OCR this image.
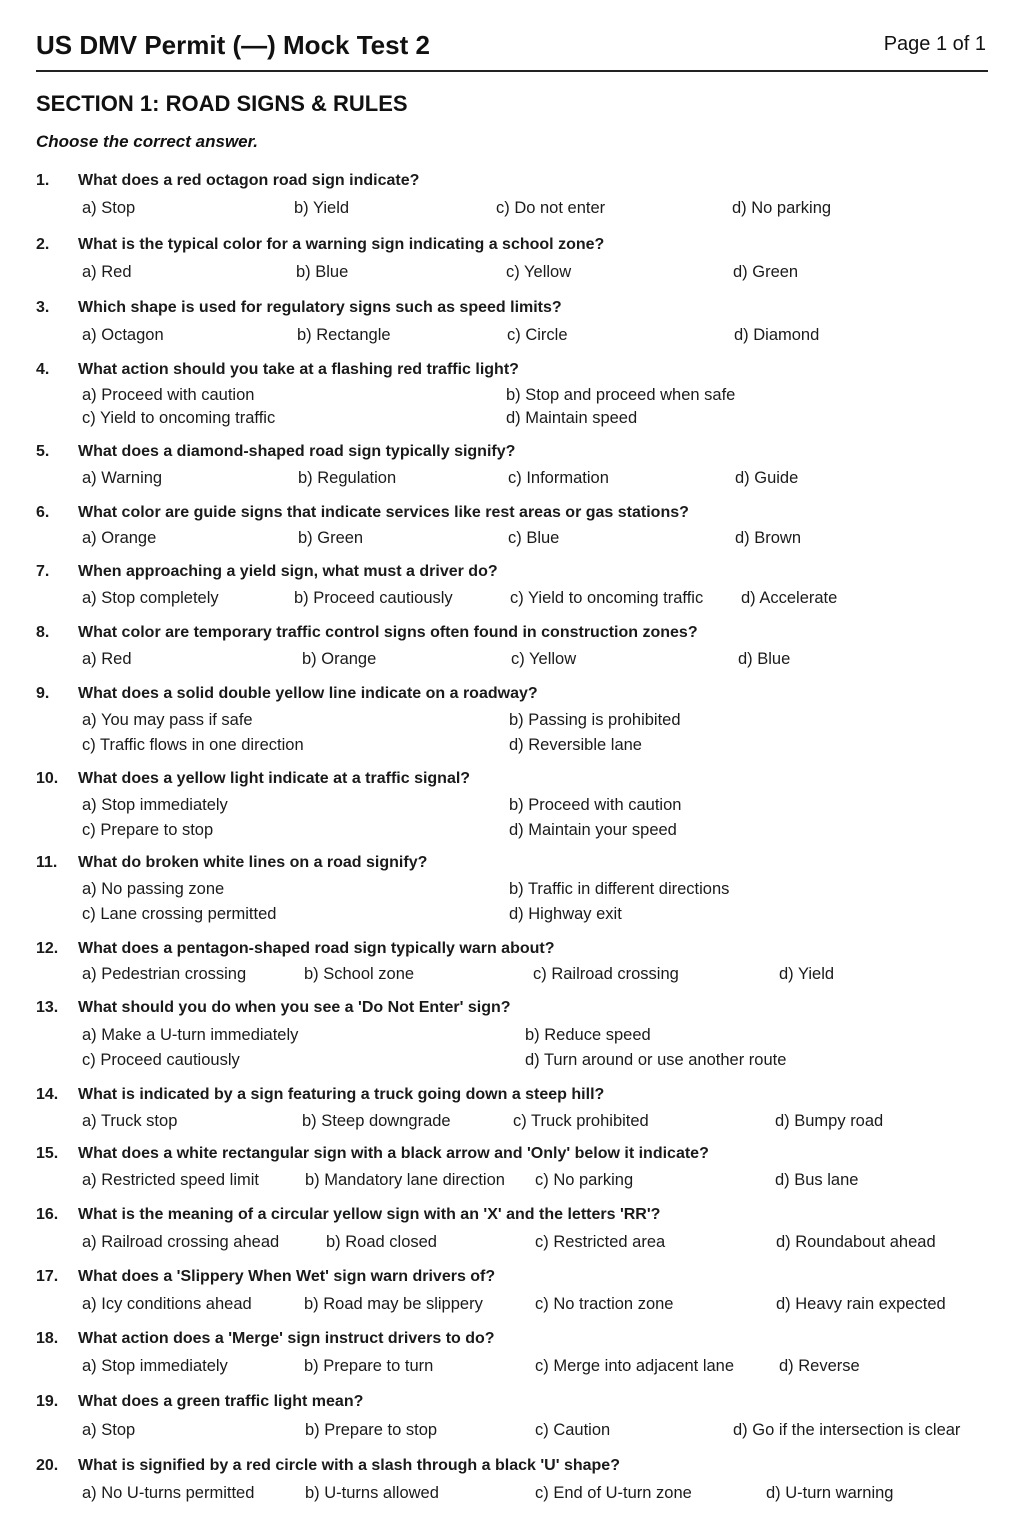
US DMV Permit (—) Mock Test 2	Page 1 of 1
SECTION 1: ROAD SIGNS & RULES
Choose the correct answer.
1. What does a red octagon road sign indicate?
a) Stop	b) Yield	c) Do not enter	d) No parking
2. What is the typical color for a warning sign indicating a school zone?
a) Red	b) Blue	c) Yellow	d) Green
3. Which shape is used for regulatory signs such as speed limits?
a) Octagon	b) Rectangle	c) Circle	d) Diamond
4. What action should you take at a flashing red traffic light?
a) Proceed with caution	b) Stop and proceed when safe
c) Yield to oncoming traffic	d) Maintain speed
5. What does a diamond-shaped road sign typically signify?
a) Warning	b) Regulation	c) Information	d) Guide
6. What color are guide signs that indicate services like rest areas or gas stations?
a) Orange	b) Green	c) Blue	d) Brown
7. When approaching a yield sign, what must a driver do?
a) Stop completely	b) Proceed cautiously	c) Yield to oncoming traffic d) Accelerate
8. What color are temporary traffic control signs often found in construction zones?
a) Red	b) Orange	c) Yellow	d) Blue
9. What does a solid double yellow line indicate on a roadway?
a) You may pass if safe	b) Passing is prohibited
c) Traffic flows in one direction	d) Reversible lane
10. What does a yellow light indicate at a traffic signal?
a) Stop immediately	b) Proceed with caution
c) Prepare to stop	d) Maintain your speed
11. What do broken white lines on a road signify?
a) No passing zone	b) Traffic in different directions
c) Lane crossing permitted	d) Highway exit
12. What does a pentagon-shaped road sign typically warn about?
a) Pedestrian crossing	b) School zone	c) Railroad crossing	d) Yield
13. What should you do when you see a 'Do Not Enter' sign?
a) Make a U-turn immediately	b) Reduce speed
c) Proceed cautiously	d) Turn around or use another route
14. What is indicated by a sign featuring a truck going down a steep hill?
a) Truck stop	b) Steep downgrade	c) Truck prohibited	d) Bumpy road
15. What does a white rectangular sign with a black arrow and 'Only' below it indicate?
a) Restricted speed limit	b) Mandatory lane direction c) No parking	d) Bus lane
16. What is the meaning of a circular yellow sign with an 'X' and the letters 'RR'?
a) Railroad crossing ahead	b) Road closed	c) Restricted area	d) Roundabout ahead
17. What does a 'Slippery When Wet' sign warn drivers of?
a) Icy conditions ahead	b) Road may be slippery	c) No traction zone	d) Heavy rain expected
18. What action does a 'Merge' sign instruct drivers to do?
a) Stop immediately	b) Prepare to turn	c) Merge into adjacent lane	d) Reverse
19. What does a green traffic light mean?
a) Stop	b) Prepare to stop	c) Caution	d) Go if the intersection is clear
20. What is signified by a red circle with a slash through a black 'U' shape?
a) No U-turns permitted	b) U-turns allowed	c) End of U-turn zone	d) U-turn warning
